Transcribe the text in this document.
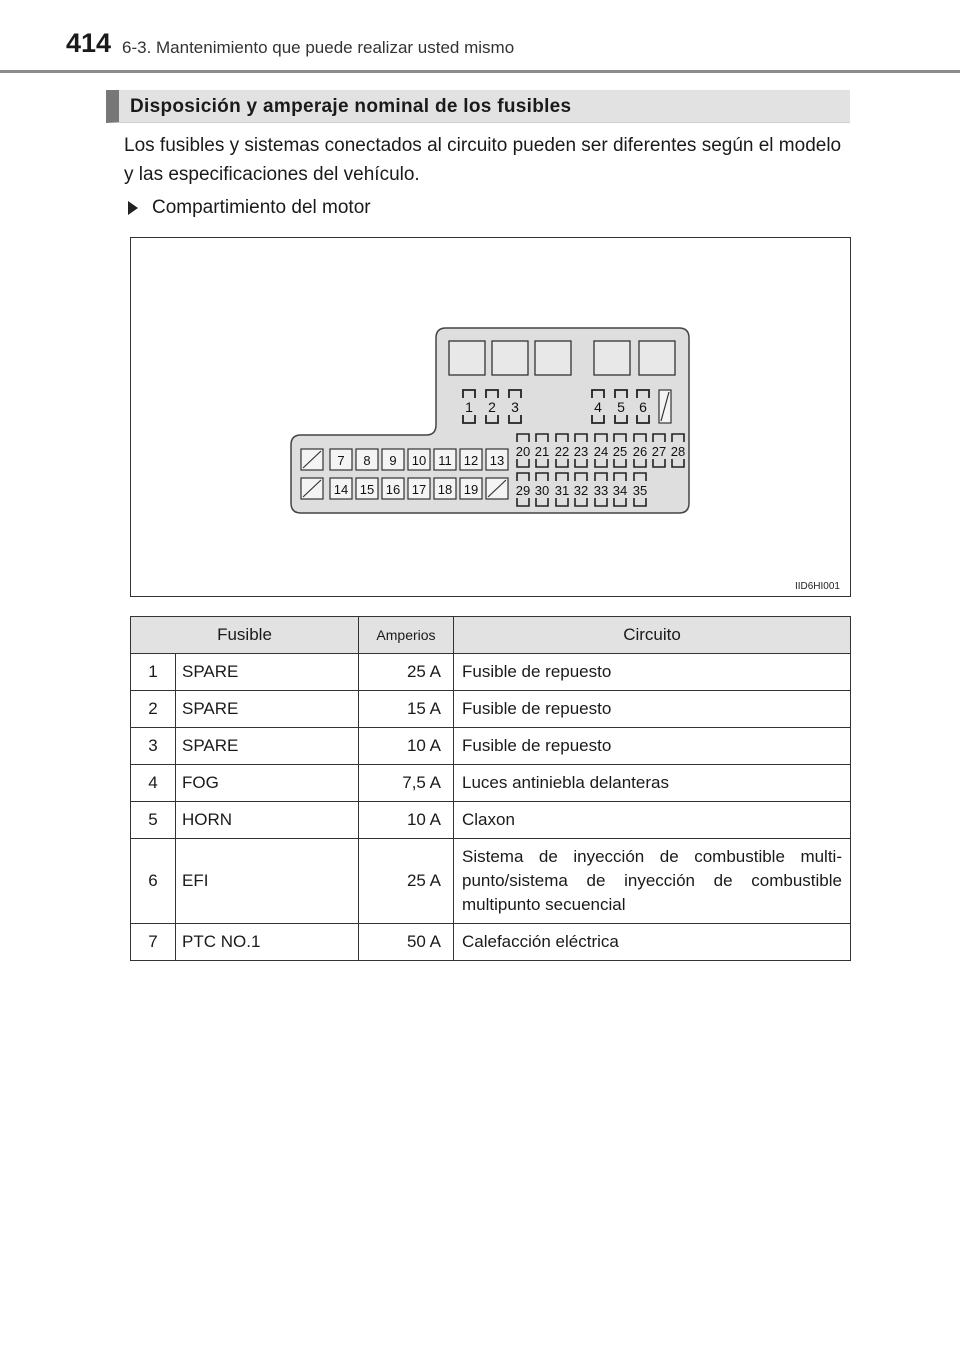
414 6-3. Mantenimiento que puede realizar usted mismo
Disposición y amperaje nominal de los fusibles

Los fusibles y sistemas conectados al circuito pueden ser diferentes según el modelo y las especificaciones del vehículo.

Compartimiento del motor
1 2 3	4 5 6
7 8 9 10 11 12 13
14 15 16 17 18 19
20 21 22 23 24 25 26 27 28
29 30 31 32 33 34 35
IID6HI001
Fusible		Amperios	Circuito
1	SPARE	25 A	Fusible de repuesto
2	SPARE	15 A	Fusible de repuesto
3	SPARE	10 A	Fusible de repuesto
4	FOG	7,5 A	Luces antiniebla delanteras
5	HORN	10 A	Claxon
6	EFI	25 A	Sistema de inyección de combustible multi-punto/sistema de inyección de combustible multipunto secuencial
7	PTC NO.1	50 A	Calefacción eléctrica
